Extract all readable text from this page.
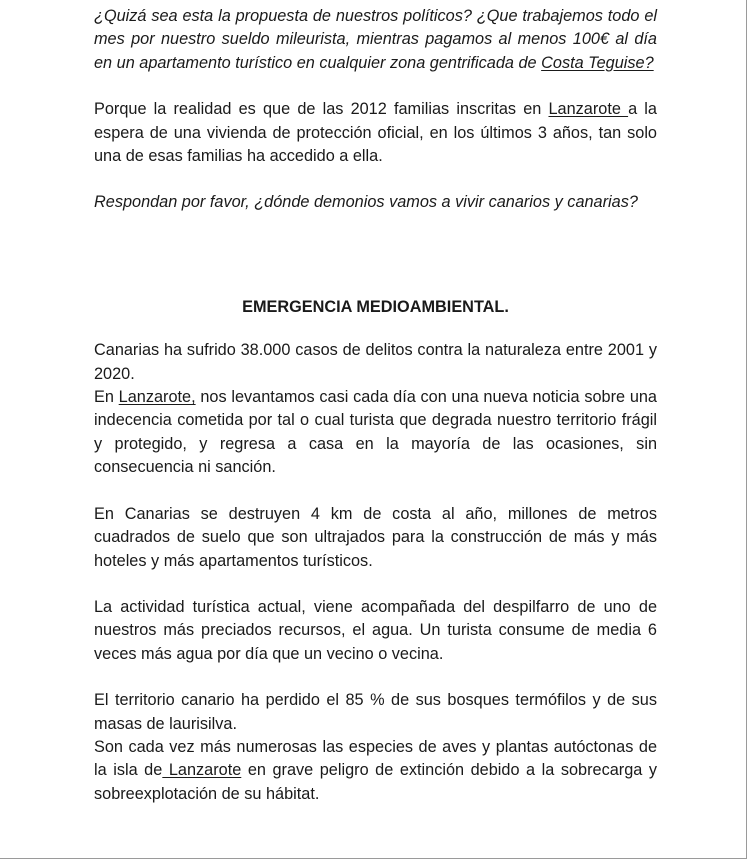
¿Quizá sea esta la propuesta de nuestros políticos? ¿Que trabajemos todo el mes por nuestro sueldo mileurista, mientras pagamos al menos 100€ al día en un apartamento turístico en cualquier zona gentrificada de Costa Teguise?

Porque la realidad es que de las 2012 familias inscritas en Lanzarote a la espera de una vivienda de protección oficial, en los últimos 3 años, tan solo una de esas familias ha accedido a ella.

Respondan por favor, ¿dónde demonios vamos a vivir canarios y canarias?

EMERGENCIA MEDIOAMBIENTAL.

Canarias ha sufrido 38.000 casos de delitos contra la naturaleza entre 2001 y 2020.

En Lanzarote, nos levantamos casi cada día con una nueva noticia sobre una indecencia cometida por tal o cual turista que degrada nuestro territorio frágil y protegido, y regresa a casa en la mayoría de las ocasiones, sin consecuencia ni sanción.

En Canarias se destruyen 4 km de costa al año, millones de metros cuadrados de suelo que son ultrajados para la construcción de más y más hoteles y más apartamentos turísticos.

La actividad turística actual, viene acompañada del despilfarro de uno de nuestros más preciados recursos, el agua. Un turista consume de media 6 veces más agua por día que un vecino o vecina.

El territorio canario ha perdido el 85 % de sus bosques termófilos y de sus masas de laurisilva.

Son cada vez más numerosas las especies de aves y plantas autóctonas de la isla de Lanzarote en grave peligro de extinción debido a la sobrecarga y sobreexplotación de su hábitat.
